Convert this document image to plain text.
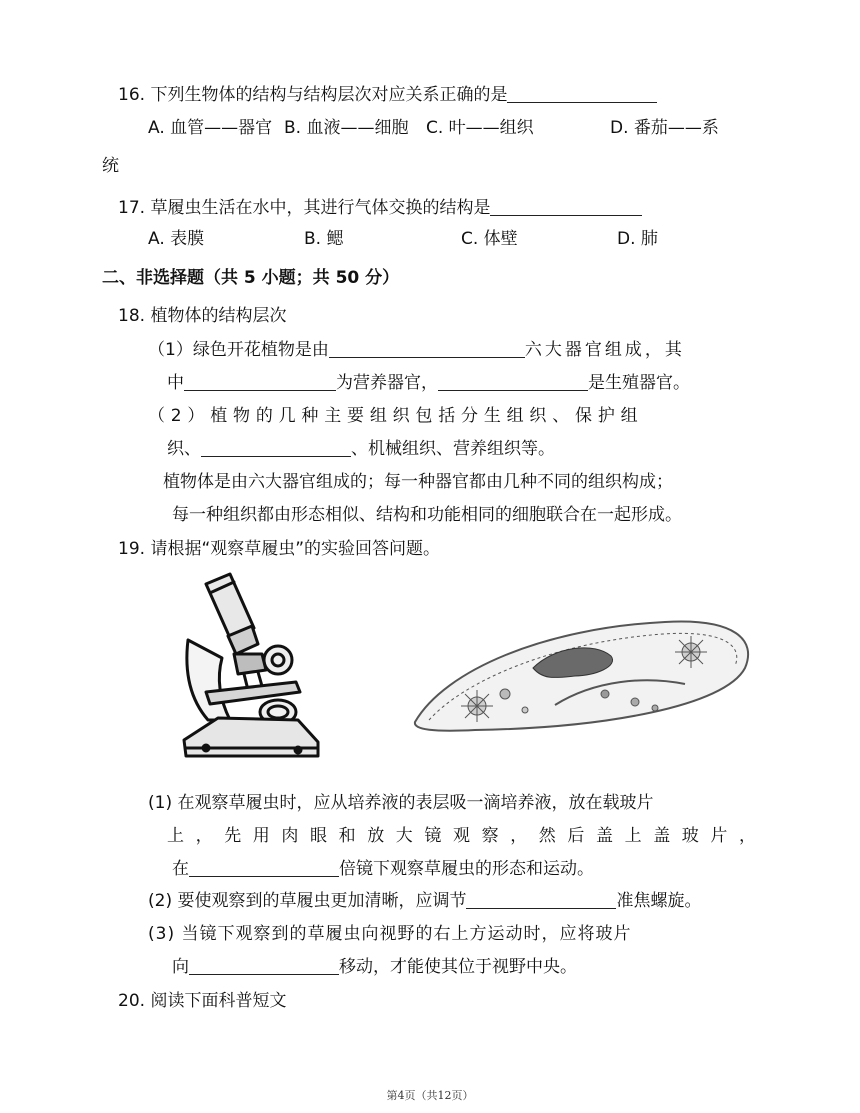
16. 下列生物体的结构与结构层次对应关系正确的是
A. 血管——器官 B. 血液——细胞 C. 叶——组织	D. 番茄——系
统
17. 草履虫生活在水中，其进行气体交换的结构是
A. 表膜	B. 鳃	C. 体壁	D. 肺
二、非选择题（共 5 小题；共 50 分）
18. 植物体的结构层次
（1）绿色开花植物是由	六大器官组成，其
中	为营养器官，	是生殖器官。
（2）植物的几种主要组织包括分生组织、保护组
织、	、机械组织、营养组织等。
植物体是由六大器官组成的；每一种器官都由几种不同的组织构成；
每一种组织都由形态相似、结构和功能相同的细胞联合在一起形成。
19. 请根据“观察草履虫”的实验回答问题。
(1) 在观察草履虫时，应从培养液的表层吸一滴培养液，放在载玻片
上，先用肉眼和放大镜观察，然后盖上盖玻片，
在	倍镜下观察草履虫的形态和运动。
(2) 要使观察到的草履虫更加清晰，应调节	准焦螺旋。
(3) 当镜下观察到的草履虫向视野的右上方运动时，应将玻片
向	移动，才能使其位于视野中央。
20. 阅读下面科普短文
第4页（共12页）
